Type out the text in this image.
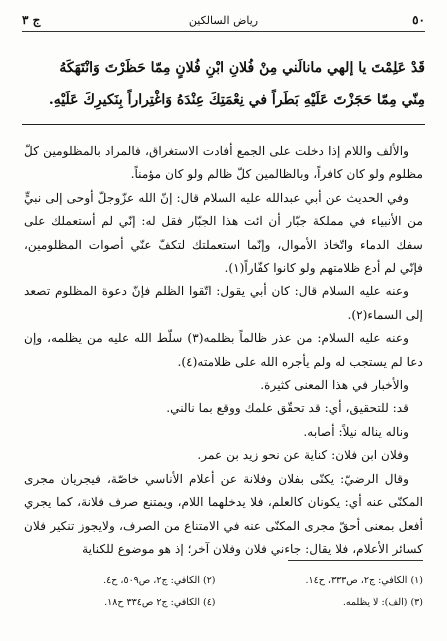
٥٠
رياض السالكين
ج ٣
قَدْ عَلِمْتَ يا إلهي مانالَني مِنْ فُلانِ ابْنِ فُلانٍ مِمّا حَظَرْتَ وَانْتَهَكَهُ
مِنّي مِمّا حَجَزْتَ عَلَيْهِ بَطَراً في نِعْمَتِكَ عِنْدَهُ وَاغْتِراراً بِنَكيرِكَ عَلَيْهِ.

والألف واللام إذا دخلت على الجمع أفادت الاستغراق، فالمراد بالمظلومين كلّ مظلوم ولو كان كافراً، وبالظالمين كلّ ظالم ولو كان مؤمناً.

وفي الحديث عن أبي عبدالله عليه السلام قال: إنّ الله عزّوجلّ أوحى إلى نبيٍّ من الأنبياء في مملكة جبّار أن ائت هذا الجبّار فقل له: إنّي لم أستعملك على سفك الدماء واتّخاذ الأموال، وإنّما استعملتك لتكفّ عنّي أصوات المظلومين، فإنّي لم أدع ظلامتهم ولو كانوا كفّاراً(١).

وعنه عليه السلام قال: كان أبي يقول: اتّقوا الظلم فإنّ دعوة المظلوم تصعد إلى السماء(٢).

وعنه عليه السلام: من عذر ظالماً بظلمه(٣) سلّط الله عليه من يظلمه، وإن دعا لم يستجب له ولم يأجره الله على ظلامته(٤).

والأخبار في هذا المعنى كثيرة.

قد: للتحقيق، أي: قد تحقّق علمك ووقع بما نالني.

وناله يناله نيلاً: أصابه.

وفلان ابن فلان: كناية عن نحو زيد بن عمر.

وقال الرضيّ: يكنّى بفلان وفلانة عن أعلام الأناسي خاصّة، فيجريان مجرى المكنّى عنه أي: يكونان كالعلم، فلا يدخلهما اللام، ويمتنع صرف فلانة، كما يجري أفعل بمعنى أحقّ مجرى المكنّى عنه في الامتناع من الصرف، ولايجوز تنكير فلان كسائر الأعلام، فلا يقال: جاءني فلان وفلان آخر؛ إذ هو موضوع للكناية

(١) الكافي: ج٢، ص٣٣٣، ح١٤.
(٢) الكافي: ج٢، ص٥٠٩، ح٤.
(٣) (الف): لا يظلمه.
(٤) الكافي: ج٢ ص٣٣٤ ح١٨.
